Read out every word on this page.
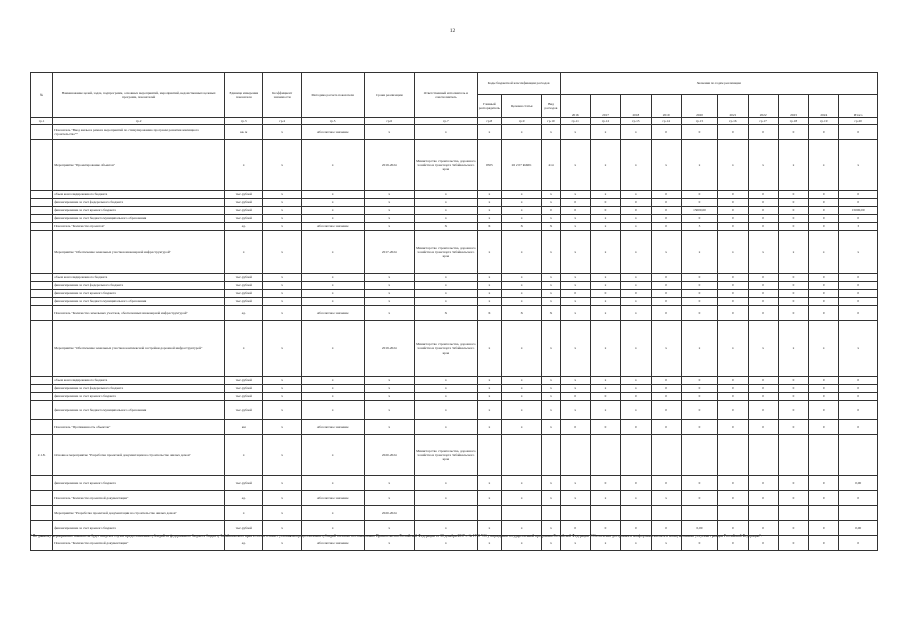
12
№	Наименование целей, задач, подпрограмм, основных мероприятий, мероприятий, ведомственных целевых программ, показателей	Единица измерения показателя	Коэффициент значимости	Методика расчета показателя	Сроки реализации	Ответственный исполнитель и соисполнитель	Коды бюджетной классификации расходов			Значения по годам реализации									
							Главный распорядитель	Целевая статья	Вид расходов	2016	2017	2018	2019	2020	2021	2022	2023	2024	Итого
гр.1	гр.2	гр.3	гр.4	гр.5	гр.6	гр.7	гр.8	гр.9	гр.10	гр.11	гр.12	гр.13	гр.14	гр.15	гр.16	гр.17	гр.18	гр.19	гр.20
	Показатель "Ввод жилья в рамках мероприятий по стимулированию программ развития жилищного строительства"*	кв. м	х	Абсолютное значение	х	х	х	х	х	х	х	х	0	0	0	0	0	0	0
	Мероприятие "Проектирование объектов"	х	х	х	2019-2024	Министерство строительства, дорожного хозяйства и транспорта Забайкальского края	0505	26 2 07 R4901	414	х	х	х	х	х	х	х	х	х	х
	объем консолидированного бюджета	тыс.рублей	х	х	х	х	х	х	х	х	х	х	0	0	0	0	0	0	0
	финансирование за счет федерального бюджета	тыс.рублей	х	х	х	х	х	х	х	0	0	0	0	0	0	0	0	0	0
	финансирование за счет краевого бюджета	тыс.рублей	х	х	х	х	х	х	0	0	0	0	0	15000,00	0	0	0	0	15000,00
	финансирование за счет бюджета муниципального образования	тыс.рублей	х	х	х	х	х	х	х	х	х	х	0	0	0	0	0	0	0
	Показатель "Количество проектов"	ед.	х	Абсолютное значение	х	Х	Х	Х	Х	х	х	х	0	3	0	0	0	0	3
	Мероприятие "Обеспечение земельных участков инженерной инфраструктурой"	х	х	х	2017-2024	Министерство строительства, дорожного хозяйства и транспорта Забайкальского края	х	х	х	х	х	х	х	х	х	х	х	х	х
	объем консолидированного бюджета	тыс.рублей	х	х	х	х	х	х	х	х	х	х	0	0	0	0	0	0	0
	финансирование за счет федерального бюджета	тыс.рублей	х	х	х	х	х	х	х	х	х	х	0	0	0	0	0	0	0
	финансирование за счет краевого бюджета	тыс.рублей	х	х	х	х	х	х	х	0	0	0	0	0	0	0	0	0	0
	финансирование за счет бюджета муниципального образования	тыс.рублей	х	х	х	х	х	х	х	х	х	х	0	0	0	0	0	0	0
	Показатель "Количество земельных участков, обеспеченных инженерной инфраструктурой"	ед.	х	Абсолютное значение	х	Х	Х	Х	Х	х	х	х	0	0	0	0	0	0	0
	Мероприятие "Обеспечение земельных участков комплексной застройки дорожной инфраструктурой"	х	х	х	2019-2024	Министерство строительства, дорожного хозяйства и транспорта Забайкальского края	х	х	х	х	х	х	х	х	х	х	х	х	х
	объем консолидированного бюджета	тыс.рублей	х	х	х	х	х	х	х	х	х	х	0	0	0	0	0	0	0
	финансирование за счет федерального бюджета	тыс.рублей	х	х	х	х	х	х	х	х	х	х	0	0	0	0	0	0	0
	финансирование за счет краевого бюджета	тыс.рублей	х	х	х	х	х	х	х	0	0	0	0	0	0	0	0	0	0
	финансирование за счет бюджета муниципального образования	тыс.рублей	х	х	х	х	х	х	х	х	х	х	0	0	0	0	0	0	0
	Показатель "Протяженность объектов"	км	х	Абсолютное значение	х	х	х	х	х	0	0	0	0	0	0	0	0	0	0
2.1.8.	Основное мероприятие "Разработка проектной документации на строительство жилых домов"	х	х	х	2020-2024	Министерство строительства, дорожного хозяйства и транспорта Забайкальского края													
	финансирование за счет краевого бюджета	тыс.рублей	х	х	х	х	х	х	х	х	0	0	0	0	0	0	0	0	0,00
	Показатель "Количество проектной документации"	ед.	х	Абсолютное значение	х	х	х	х	х	х	х	х	х	0	0	0	0	0	0
	Мероприятие "Разработка проектной документации на строительство жилых домов"	х	х	х	2020-2024														
	финансирование за счет краевого бюджета	тыс.рублей	х	х	х	х	х	х	х	0	0	0	0	0,00	0	0	0	0	0,00
	Показатель "Количество проектной документации"	ед.	х	Абсолютное значение	х	х	х	х	х	х	х	х	х	0	0	0	0	0	0
* По данному мероприятию показатель будет введен в случае предоставления субсидий из федерального бюджета бюджету Забайкальского края в соответствии с условиями предоставления субсидий согласно постановлению Правительства Российской Федерации от 30 декабря 2017 г. № 1710 "Об утверждении государственной программы Российской Федерации "Обеспечение доступным и комфортным жильем и коммунальными услугами граждан Российской Федерации".
